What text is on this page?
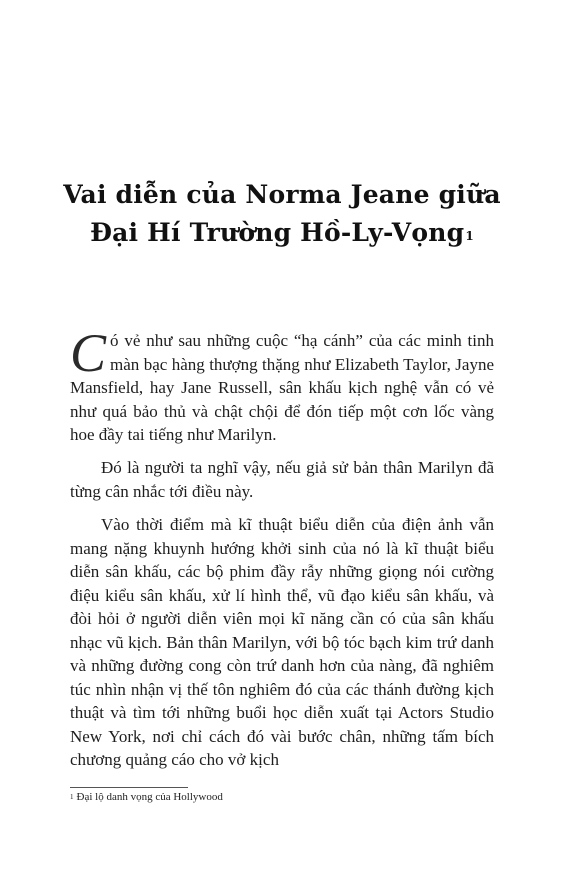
Vai diễn của Norma Jeane giữa
Đại Hí Trường Hồ-Ly-Vọng$^1$

Có vẻ như sau những cuộc “hạ cánh” của các minh tinh màn bạc hàng thượng thặng như Elizabeth Taylor, Jayne Mansfield, hay Jane Russell, sân khấu kịch nghệ vẫn có vẻ như quá bảo thủ và chật chội để đón tiếp một cơn lốc vàng hoe đầy tai tiếng như Marilyn.

Đó là người ta nghĩ vậy, nếu giả sử bản thân Marilyn đã từng cân nhắc tới điều này.

Vào thời điểm mà kĩ thuật biểu diễn của điện ảnh vẫn mang nặng khuynh hướng khởi sinh của nó là kĩ thuật biểu diễn sân khấu, các bộ phim đầy rẫy những giọng nói cường điệu kiểu sân khấu, xử lí hình thể, vũ đạo kiểu sân khấu, và đòi hỏi ở người diễn viên mọi kĩ năng cần có của sân khấu nhạc vũ kịch. Bản thân Marilyn, với bộ tóc bạch kim trứ danh và những đường cong còn trứ danh hơn của nàng, đã nghiêm túc nhìn nhận vị thế tôn nghiêm đó của các thánh đường kịch thuật và tìm tới những buổi học diễn xuất tại Actors Studio New York, nơi chỉ cách đó vài bước chân, những tấm bích chương quảng cáo cho vở kịch

$^1$ Đại lộ danh vọng của Hollywood
